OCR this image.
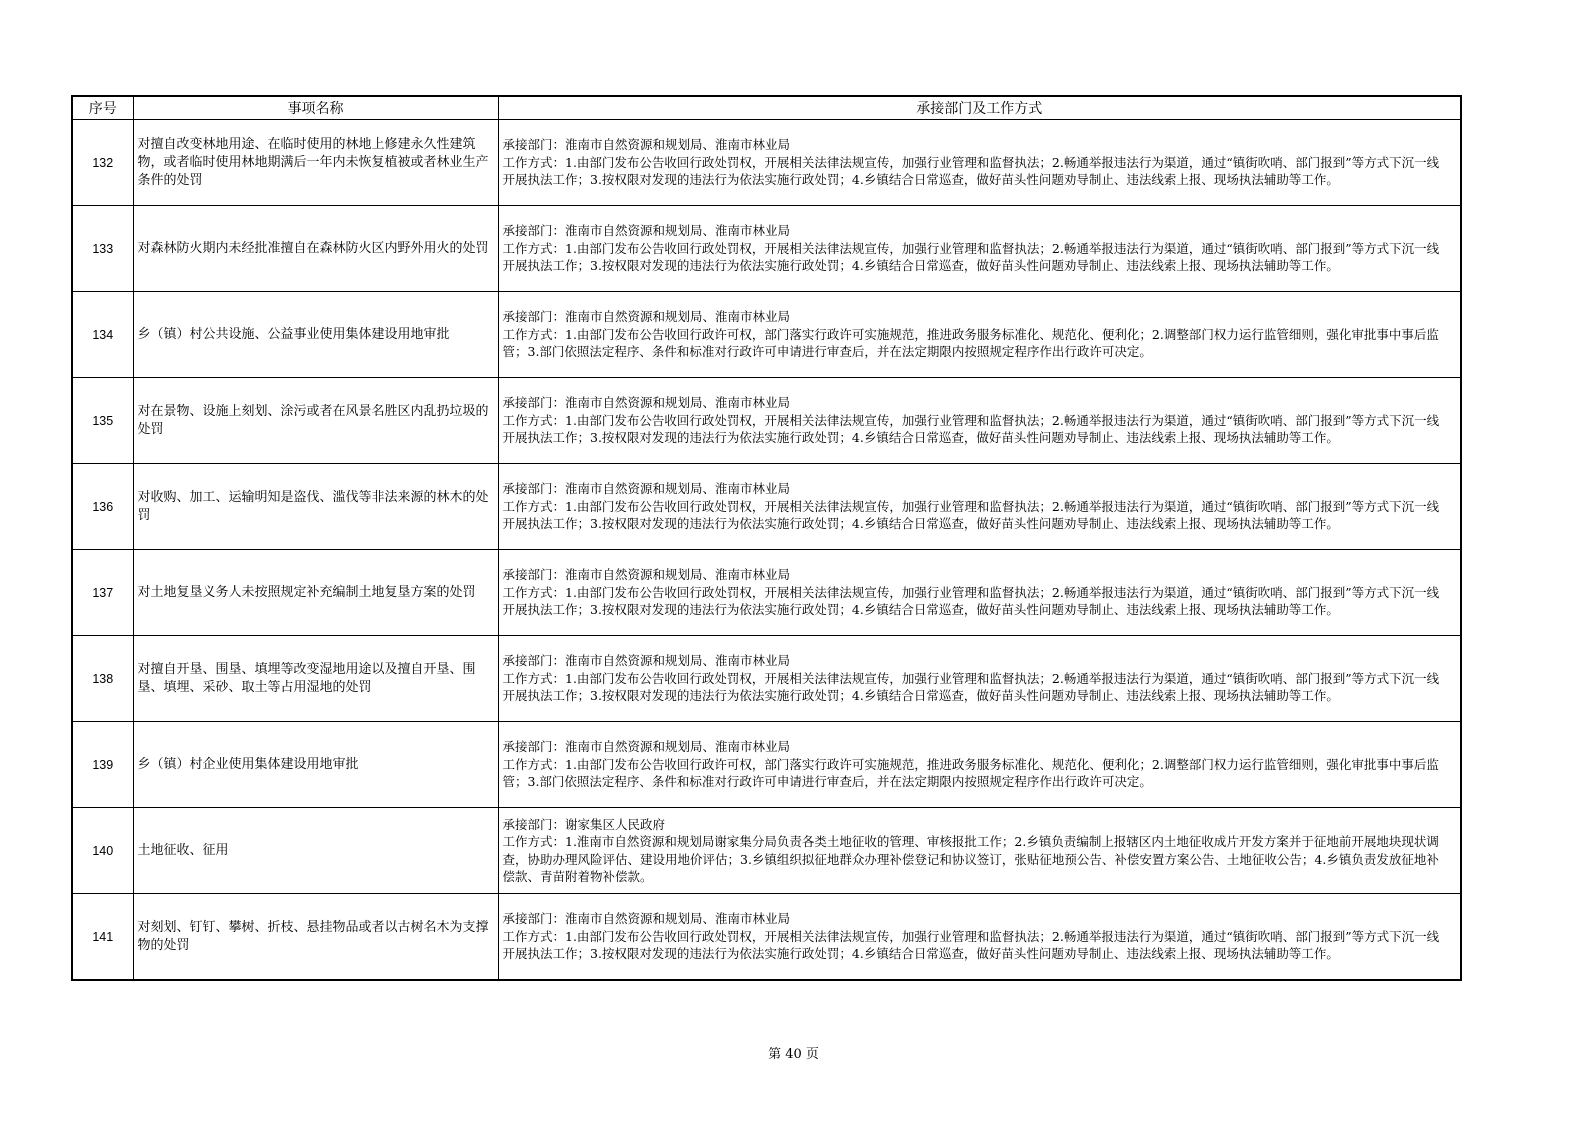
序号	事项名称	承接部门及工作方式
132	对擅自改变林地用途、在临时使用的林地上修建永久性建筑物，或者临时使用林地期满后一年内未恢复植被或者林业生产条件的处罚	承接部门：淮南市自然资源和规划局、淮南市林业局
工作方式：1.由部门发布公告收回行政处罚权，开展相关法律法规宣传，加强行业管理和监督执法；2.畅通举报违法行为渠道，通过“镇街吹哨、部门报到”等方式下沉一线开展执法工作；3.按权限对发现的违法行为依法实施行政处罚；4.乡镇结合日常巡查，做好苗头性问题劝导制止、违法线索上报、现场执法辅助等工作。

133	对森林防火期内未经批准擅自在森林防火区内野外用火的处罚	承接部门：淮南市自然资源和规划局、淮南市林业局
工作方式：1.由部门发布公告收回行政处罚权，开展相关法律法规宣传，加强行业管理和监督执法；2.畅通举报违法行为渠道，通过“镇街吹哨、部门报到”等方式下沉一线开展执法工作；3.按权限对发现的违法行为依法实施行政处罚；4.乡镇结合日常巡查，做好苗头性问题劝导制止、违法线索上报、现场执法辅助等工作。

134	乡（镇）村公共设施、公益事业使用集体建设用地审批	承接部门：淮南市自然资源和规划局、淮南市林业局
工作方式：1.由部门发布公告收回行政许可权，部门落实行政许可实施规范，推进政务服务标准化、规范化、便利化；2.调整部门权力运行监管细则，强化审批事中事后监管；3.部门依照法定程序、条件和标准对行政许可申请进行审查后，并在法定期限内按照规定程序作出行政许可决定。

135	对在景物、设施上刻划、涂污或者在风景名胜区内乱扔垃圾的处罚	承接部门：淮南市自然资源和规划局、淮南市林业局
工作方式：1.由部门发布公告收回行政处罚权，开展相关法律法规宣传，加强行业管理和监督执法；2.畅通举报违法行为渠道，通过“镇街吹哨、部门报到”等方式下沉一线开展执法工作；3.按权限对发现的违法行为依法实施行政处罚；4.乡镇结合日常巡查，做好苗头性问题劝导制止、违法线索上报、现场执法辅助等工作。

136	对收购、加工、运输明知是盗伐、滥伐等非法来源的林木的处罚	承接部门：淮南市自然资源和规划局、淮南市林业局
工作方式：1.由部门发布公告收回行政处罚权，开展相关法律法规宣传，加强行业管理和监督执法；2.畅通举报违法行为渠道，通过“镇街吹哨、部门报到”等方式下沉一线开展执法工作；3.按权限对发现的违法行为依法实施行政处罚；4.乡镇结合日常巡查，做好苗头性问题劝导制止、违法线索上报、现场执法辅助等工作。

137	对土地复垦义务人未按照规定补充编制土地复垦方案的处罚	承接部门：淮南市自然资源和规划局、淮南市林业局
工作方式：1.由部门发布公告收回行政处罚权，开展相关法律法规宣传，加强行业管理和监督执法；2.畅通举报违法行为渠道，通过“镇街吹哨、部门报到”等方式下沉一线开展执法工作；3.按权限对发现的违法行为依法实施行政处罚；4.乡镇结合日常巡查，做好苗头性问题劝导制止、违法线索上报、现场执法辅助等工作。

138	对擅自开垦、围垦、填埋等改变湿地用途以及擅自开垦、围垦、填埋、采砂、取土等占用湿地的处罚	承接部门：淮南市自然资源和规划局、淮南市林业局
工作方式：1.由部门发布公告收回行政处罚权，开展相关法律法规宣传，加强行业管理和监督执法；2.畅通举报违法行为渠道，通过“镇街吹哨、部门报到”等方式下沉一线开展执法工作；3.按权限对发现的违法行为依法实施行政处罚；4.乡镇结合日常巡查，做好苗头性问题劝导制止、违法线索上报、现场执法辅助等工作。

139	乡（镇）村企业使用集体建设用地审批	承接部门：淮南市自然资源和规划局、淮南市林业局
工作方式：1.由部门发布公告收回行政许可权，部门落实行政许可实施规范，推进政务服务标准化、规范化、便利化；2.调整部门权力运行监管细则，强化审批事中事后监管；3.部门依照法定程序、条件和标准对行政许可申请进行审查后，并在法定期限内按照规定程序作出行政许可决定。

140	土地征收、征用	承接部门：谢家集区人民政府
工作方式：1.淮南市自然资源和规划局谢家集分局负责各类土地征收的管理、审核报批工作；2.乡镇负责编制上报辖区内土地征收成片开发方案并于征地前开展地块现状调查，协助办理风险评估、建设用地价评估；3.乡镇组织拟征地群众办理补偿登记和协议签订，张贴征地预公告、补偿安置方案公告、土地征收公告；4.乡镇负责发放征地补偿款、青苗附着物补偿款。

141	对刻划、钉钉、攀树、折枝、悬挂物品或者以古树名木为支撑物的处罚	承接部门：淮南市自然资源和规划局、淮南市林业局
工作方式：1.由部门发布公告收回行政处罚权，开展相关法律法规宣传，加强行业管理和监督执法；2.畅通举报违法行为渠道，通过“镇街吹哨、部门报到”等方式下沉一线开展执法工作；3.按权限对发现的违法行为依法实施行政处罚；4.乡镇结合日常巡查，做好苗头性问题劝导制止、违法线索上报、现场执法辅助等工作。
第 40 页
